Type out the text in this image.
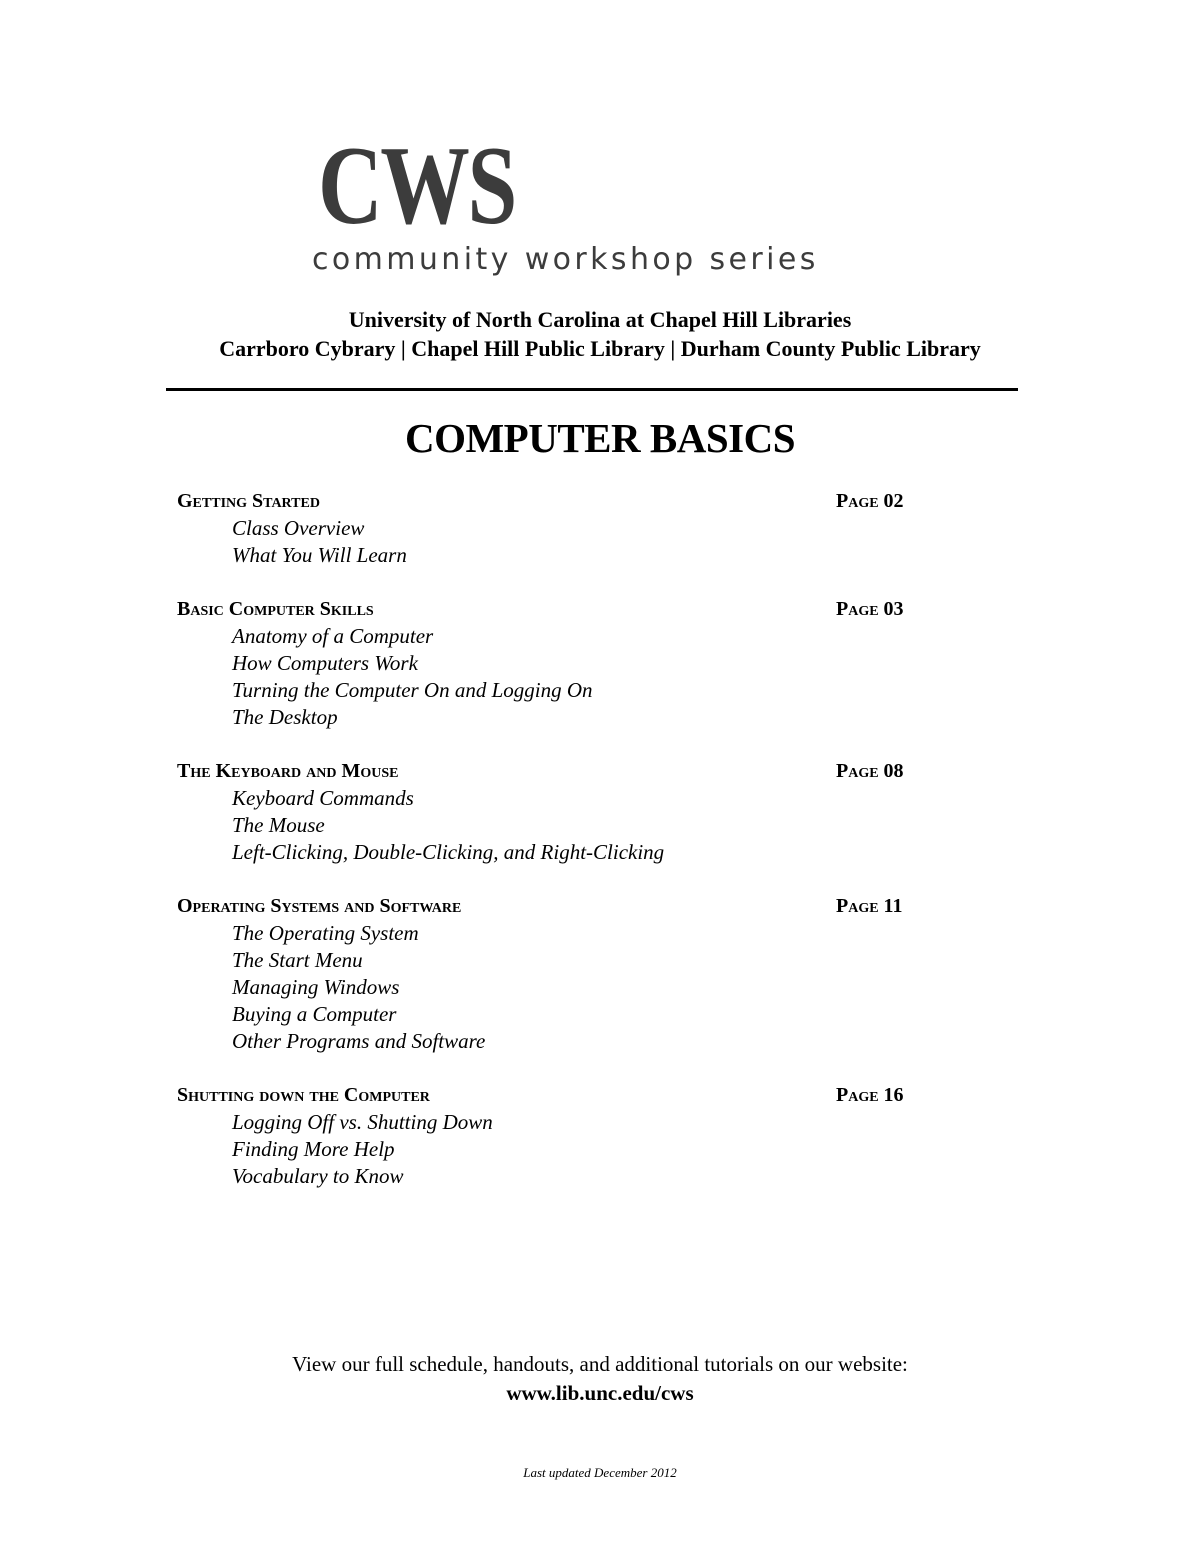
CWS
community workshop series
University of North Carolina at Chapel Hill Libraries
Carrboro Cybrary | Chapel Hill Public Library | Durham County Public Library
COMPUTER BASICS
Getting Started	Page 02
Class Overview
What You Will Learn
Basic Computer Skills	Page 03
Anatomy of a Computer
How Computers Work
Turning the Computer On and Logging On
The Desktop
The Keyboard and Mouse	Page 08
Keyboard Commands
The Mouse
Left-Clicking, Double-Clicking, and Right-Clicking
Operating Systems and Software	Page 11
The Operating System
The Start Menu
Managing Windows
Buying a Computer
Other Programs and Software
Shutting down the Computer	Page 16
Logging Off vs. Shutting Down
Finding More Help
Vocabulary to Know
View our full schedule, handouts, and additional tutorials on our website:
www.lib.unc.edu/cws
Last updated December 2012
